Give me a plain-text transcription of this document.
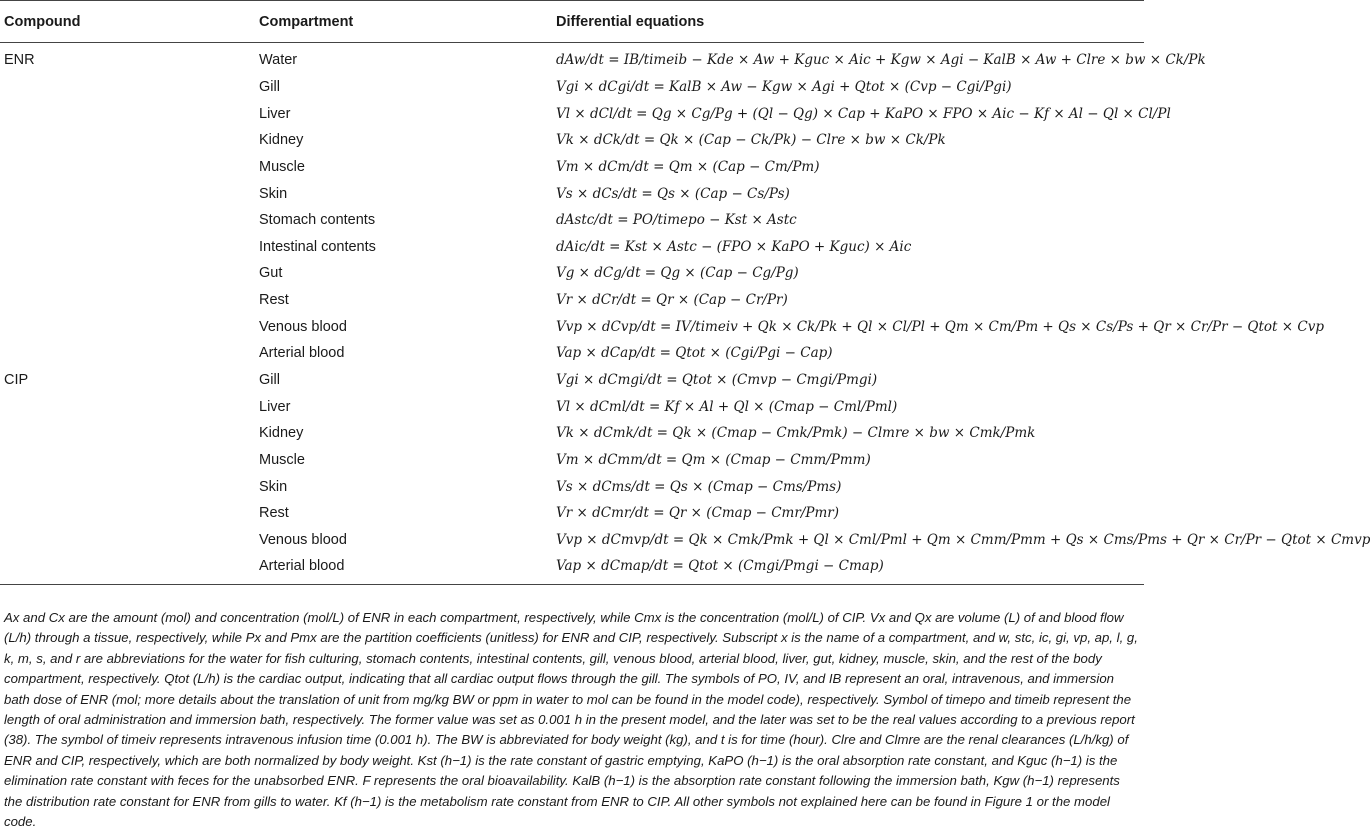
Compound	Compartment	Differential equations
ENR	Water	dAw/dt = IB/timeib − Kde × Aw + Kguc × Aic + Kgw × Agi − KalB × Aw + Clre × bw × Ck/Pk
	Gill	Vgi × dCgi/dt = KalB × Aw − Kgw × Agi + Qtot × (Cvp − Cgi/Pgi)
	Liver	Vl × dCl/dt = Qg × Cg/Pg + (Ql − Qg) × Cap + KaPO × FPO × Aic − Kf × Al − Ql × Cl/Pl
	Kidney	Vk × dCk/dt = Qk × (Cap − Ck/Pk) − Clre × bw × Ck/Pk
	Muscle	Vm × dCm/dt = Qm × (Cap − Cm/Pm)
	Skin	Vs × dCs/dt = Qs × (Cap − Cs/Ps)
	Stomach contents	dAstc/dt = PO/timepo − Kst × Astc
	Intestinal contents	dAic/dt = Kst × Astc − (FPO × KaPO + Kguc) × Aic
	Gut	Vg × dCg/dt = Qg × (Cap − Cg/Pg)
	Rest	Vr × dCr/dt = Qr × (Cap − Cr/Pr)
	Venous blood	Vvp × dCvp/dt = IV/timeiv + Qk × Ck/Pk + Ql × Cl/Pl + Qm × Cm/Pm + Qs × Cs/Ps + Qr × Cr/Pr − Qtot × Cvp
	Arterial blood	Vap × dCap/dt = Qtot × (Cgi/Pgi − Cap)
CIP	Gill	Vgi × dCmgi/dt = Qtot × (Cmvp − Cmgi/Pmgi)
	Liver	Vl × dCml/dt = Kf × Al + Ql × (Cmap − Cml/Pml)
	Kidney	Vk × dCmk/dt = Qk × (Cmap − Cmk/Pmk) − Clmre × bw × Cmk/Pmk
	Muscle	Vm × dCmm/dt = Qm × (Cmap − Cmm/Pmm)
	Skin	Vs × dCms/dt = Qs × (Cmap − Cms/Pms)
	Rest	Vr × dCmr/dt = Qr × (Cmap − Cmr/Pmr)
	Venous blood	Vvp × dCmvp/dt = Qk × Cmk/Pmk + Ql × Cml/Pml + Qm × Cmm/Pmm + Qs × Cms/Pms + Qr × Cr/Pr − Qtot × Cmvp
	Arterial blood	Vap × dCmap/dt = Qtot × (Cmgi/Pmgi − Cmap)
Ax and Cx are the amount (mol) and concentration (mol/L) of ENR in each compartment, respectively, while Cmx is the concentration (mol/L) of CIP. Vx and Qx are volume (L) of and blood flow (L/h) through a tissue, respectively, while Px and Pmx are the partition coefficients (unitless) for ENR and CIP, respectively. Subscript x is the name of a compartment, and w, stc, ic, gi, vp, ap, l, g, k, m, s, and r are abbreviations for the water for fish culturing, stomach contents, intestinal contents, gill, venous blood, arterial blood, liver, gut, kidney, muscle, skin, and the rest of the body compartment, respectively. Qtot (L/h) is the cardiac output, indicating that all cardiac output flows through the gill. The symbols of PO, IV, and IB represent an oral, intravenous, and immersion bath dose of ENR (mol; more details about the translation of unit from mg/kg BW or ppm in water to mol can be found in the model code), respectively. Symbol of timepo and timeib represent the length of oral administration and immersion bath, respectively. The former value was set as 0.001 h in the present model, and the later was set to be the real values according to a previous report (38). The symbol of timeiv represents intravenous infusion time (0.001 h). The BW is abbreviated for body weight (kg), and t is for time (hour). Clre and Clmre are the renal clearances (L/h/kg) of ENR and CIP, respectively, which are both normalized by body weight. Kst (h−1) is the rate constant of gastric emptying, KaPO (h−1) is the oral absorption rate constant, and Kguc (h−1) is the elimination rate constant with feces for the unabsorbed ENR. F represents the oral bioavailability. KalB (h−1) is the absorption rate constant following the immersion bath, Kgw (h−1) represents the distribution rate constant for ENR from gills to water. Kf (h−1) is the metabolism rate constant from ENR to CIP. All other symbols not explained here can be found in Figure 1 or the model code.
